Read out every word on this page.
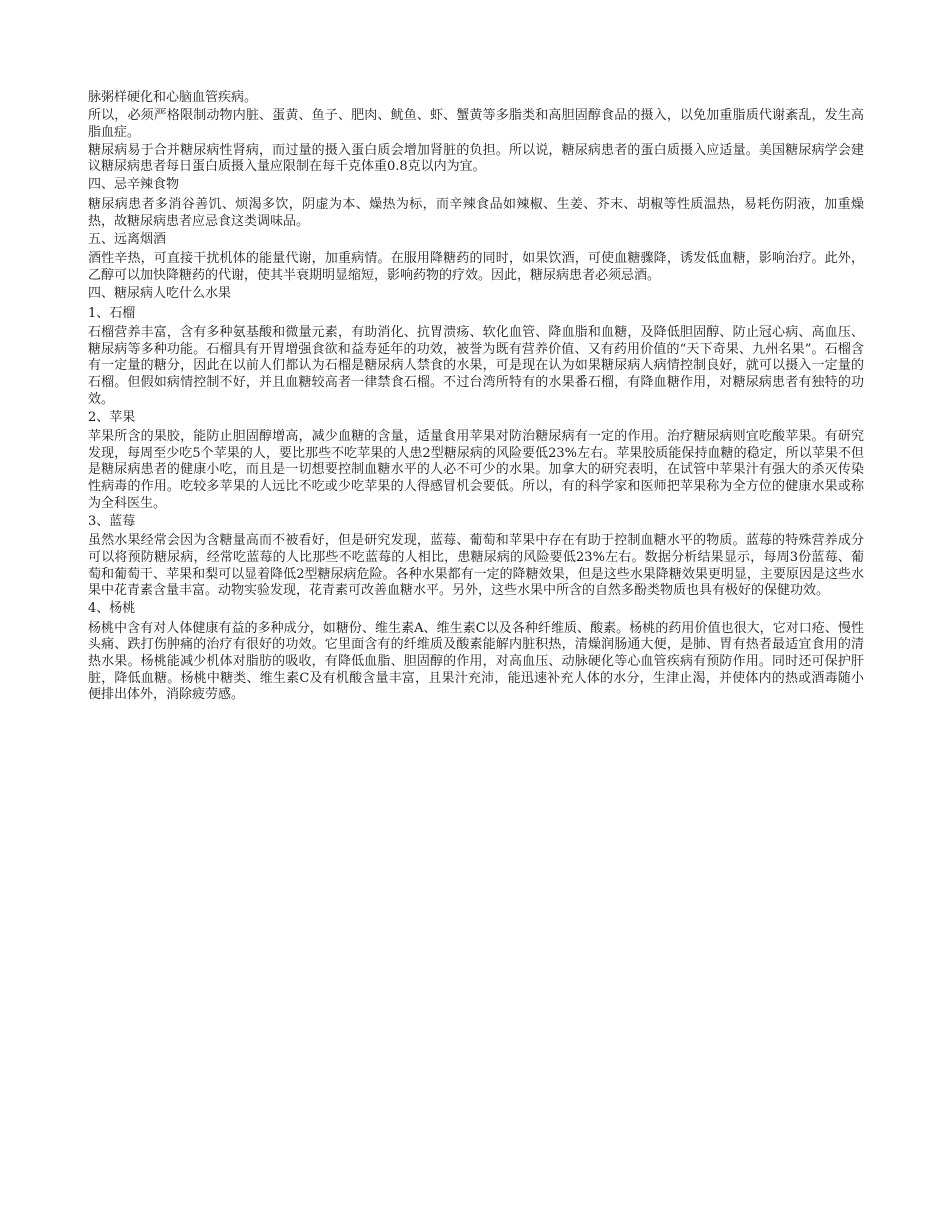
脉粥样硬化和心脑血管疾病。

所以，必须严格限制动物内脏、蛋黄、鱼子、肥肉、鱿鱼、虾、蟹黄等多脂类和高胆固醇食品的摄入，以免加重脂质代谢紊乱，发生高脂血症。

糖尿病易于合并糖尿病性肾病，而过量的摄入蛋白质会增加肾脏的负担。所以说，糖尿病患者的蛋白质摄入应适量。美国糖尿病学会建议糖尿病患者每日蛋白质摄入量应限制在每千克体重0.8克以内为宜。

四、忌辛辣食物

糖尿病患者多消谷善饥、烦渴多饮，阴虚为本、燥热为标，而辛辣食品如辣椒、生姜、芥末、胡椒等性质温热，易耗伤阴液，加重燥热，故糖尿病患者应忌食这类调味品。

五、远离烟酒

酒性辛热，可直接干扰机体的能量代谢，加重病情。在服用降糖药的同时，如果饮酒，可使血糖骤降，诱发低血糖，影响治疗。此外，乙醇可以加快降糖药的代谢，使其半衰期明显缩短，影响药物的疗效。因此，糖尿病患者必须忌酒。

四、糖尿病人吃什么水果

1、石榴

石榴营养丰富，含有多种氨基酸和微量元素，有助消化、抗胃溃疡、软化血管、降血脂和血糖，及降低胆固醇、防止冠心病、高血压、糖尿病等多种功能。石榴具有开胃增强食欲和益寿延年的功效，被誉为既有营养价值、又有药用价值的“天下奇果、九州名果”。石榴含有一定量的糖分，因此在以前人们都认为石榴是糖尿病人禁食的水果，可是现在认为如果糖尿病人病情控制良好，就可以摄入一定量的石榴。但假如病情控制不好，并且血糖较高者一律禁食石榴。不过台湾所特有的水果番石榴，有降血糖作用，对糖尿病患者有独特的功效。

2、苹果

苹果所含的果胶，能防止胆固醇增高，减少血糖的含量，适量食用苹果对防治糖尿病有一定的作用。治疗糖尿病则宜吃酸苹果。有研究发现，每周至少吃5个苹果的人，要比那些不吃苹果的人患2型糖尿病的风险要低23%左右。苹果胶质能保持血糖的稳定，所以苹果不但是糖尿病患者的健康小吃，而且是一切想要控制血糖水平的人必不可少的水果。加拿大的研究表明，在试管中苹果汁有强大的杀灭传染性病毒的作用。吃较多苹果的人远比不吃或少吃苹果的人得感冒机会要低。所以，有的科学家和医师把苹果称为全方位的健康水果或称为全科医生。

3、蓝莓

虽然水果经常会因为含糖量高而不被看好，但是研究发现，蓝莓、葡萄和苹果中存在有助于控制血糖水平的物质。蓝莓的特殊营养成分可以将预防糖尿病，经常吃蓝莓的人比那些不吃蓝莓的人相比，患糖尿病的风险要低23%左右。数据分析结果显示，每周3份蓝莓、葡萄和葡萄干、苹果和梨可以显着降低2型糖尿病危险。各种水果都有一定的降糖效果，但是这些水果降糖效果更明显，主要原因是这些水果中花青素含量丰富。动物实验发现，花青素可改善血糖水平。另外，这些水果中所含的自然多酚类物质也具有极好的保健功效。

4、杨桃

杨桃中含有对人体健康有益的多种成分，如糖份、维生素A、维生素C以及各种纤维质、酸素。杨桃的药用价值也很大，它对口疮、慢性头痛、跌打伤肿痛的治疗有很好的功效。它里面含有的纤维质及酸素能解内脏积热，清燥润肠通大便，是肺、胃有热者最适宜食用的清热水果。杨桃能减少机体对脂肪的吸收，有降低血脂、胆固醇的作用，对高血压、动脉硬化等心血管疾病有预防作用。同时还可保护肝脏，降低血糖。杨桃中糖类、维生素C及有机酸含量丰富，且果汁充沛，能迅速补充人体的水分，生津止渴，并使体内的热或酒毒随小便排出体外，消除疲劳感。
